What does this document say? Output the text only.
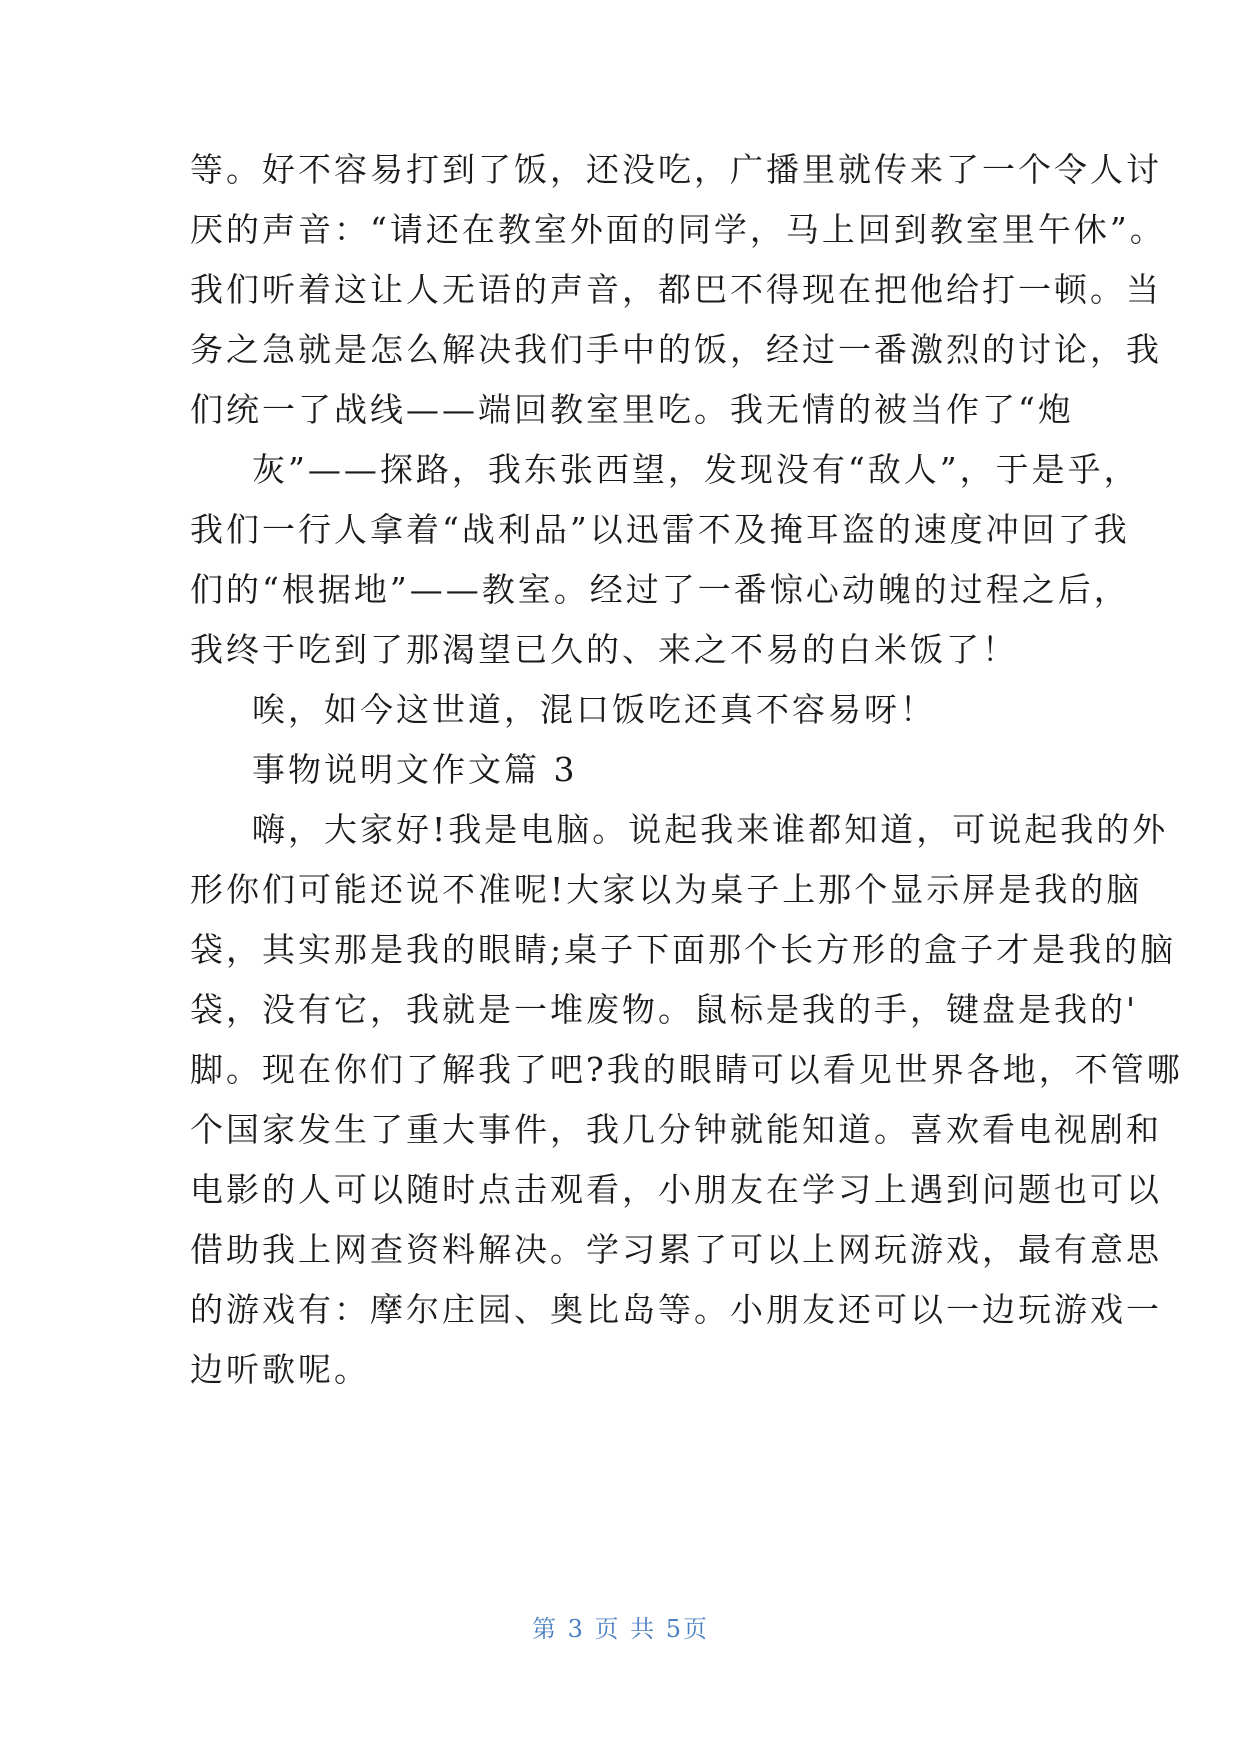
等。好不容易打到了饭，还没吃，广播里就传来了一个令人讨
厌的声音：“请还在教室外面的同学，马上回到教室里午休”。
我们听着这让人无语的声音，都巴不得现在把他给打一顿。当
务之急就是怎么解决我们手中的饭，经过一番激烈的讨论，我
们统一了战线——端回教室里吃。我无情的被当作了“炮
灰”——探路，我东张西望，发现没有“敌人”，于是乎，
我们一行人拿着“战利品”以迅雷不及掩耳盗的速度冲回了我
们的“根据地”——教室。经过了一番惊心动魄的过程之后，
我终于吃到了那渴望已久的、来之不易的白米饭了！
唉，如今这世道，混口饭吃还真不容易呀！
事物说明文作文篇 3
嗨，大家好!我是电脑。说起我来谁都知道，可说起我的外
形你们可能还说不准呢!大家以为桌子上那个显示屏是我的脑
袋，其实那是我的眼睛;桌子下面那个长方形的盒子才是我的脑
袋，没有它，我就是一堆废物。鼠标是我的手，键盘是我的'
脚。现在你们了解我了吧?我的眼睛可以看见世界各地，不管哪
个国家发生了重大事件，我几分钟就能知道。喜欢看电视剧和
电影的人可以随时点击观看，小朋友在学习上遇到问题也可以
借助我上网查资料解决。学习累了可以上网玩游戏，最有意思
的游戏有：摩尔庄园、奥比岛等。小朋友还可以一边玩游戏一
边听歌呢。
第 3 页 共 5页
